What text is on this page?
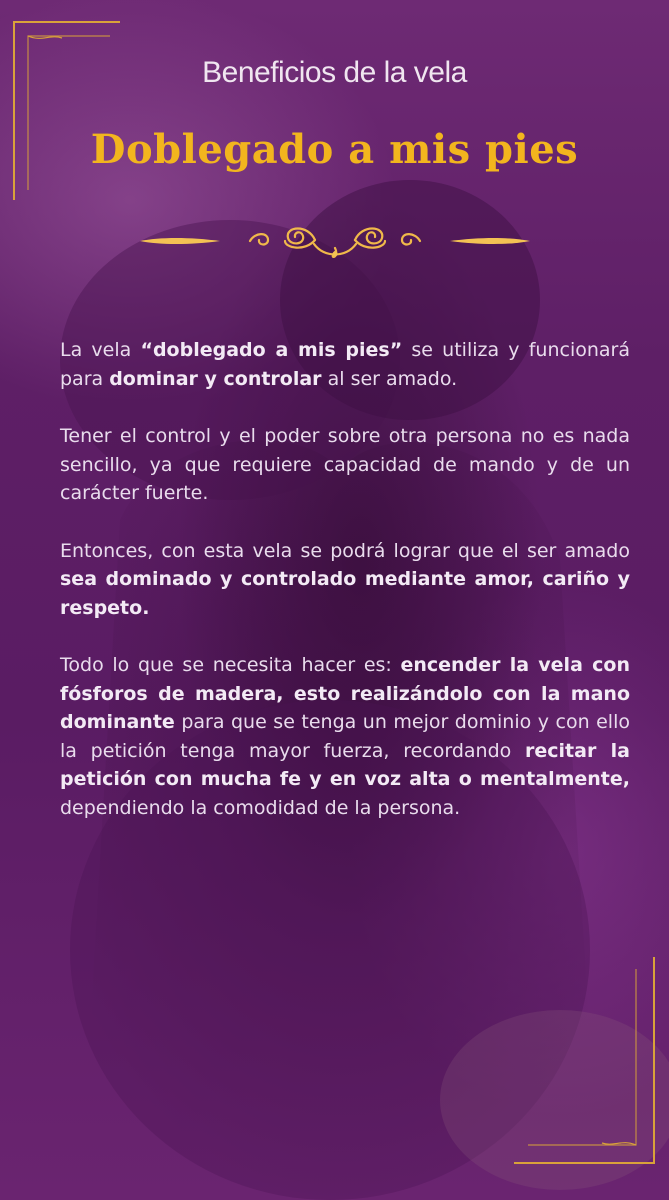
Beneficios de la vela
Doblegado a mis pies

La vela “doblegado a mis pies” se utiliza y funcionará para dominar y controlar al ser amado.

Tener el control y el poder sobre otra persona no es nada sencillo, ya que requiere capacidad de mando y de un carácter fuerte.

Entonces, con esta vela se podrá lograr que el ser amado sea dominado y controlado mediante amor, cariño y respeto.

Todo lo que se necesita hacer es: encender la vela con fósforos de madera, esto realizándolo con la mano dominante para que se tenga un mejor dominio y con ello la petición tenga mayor fuerza, recordando recitar la petición con mucha fe y en voz alta o mentalmente, dependiendo la comodidad de la persona.
